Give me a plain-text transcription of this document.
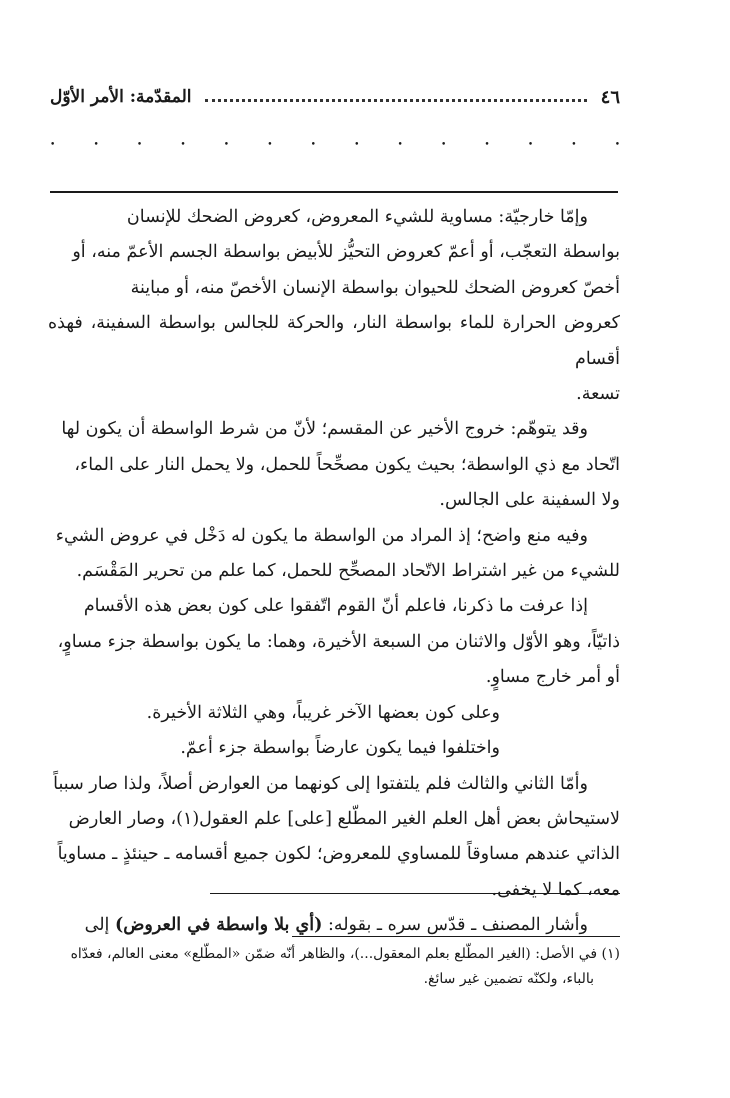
٤٦
المقدّمة: الأمر الأوّل
•	•	•	•	•	•	•	•	•	•	•	•	•	•

وإمّا خارجيّة: مساوية للشيء المعروض، كعروض الضحك للإنسان

بواسطة التعجّب، أو أعمّ كعروض التحيُّز للأبيض بواسطة الجسم الأعمّ منه، أو

أخصّ كعروض الضحك للحيوان بواسطة الإنسان الأخصّ منه، أو مباينة

كعروض الحرارة للماء بواسطة النار، والحركة للجالس بواسطة السفينة، فهذه أقسام

تسعة.

وقد يتوهّم: خروج الأخير عن المقسم؛ لأنّ من شرط الواسطة أن يكون لها

اتّحاد مع ذي الواسطة؛ بحيث يكون مصحِّحاً للحمل، ولا يحمل النار على الماء،

ولا السفينة على الجالس.

وفيه منع واضح؛ إذ المراد من الواسطة ما يكون له دَخْل في عروض الشيء

للشيء من غير اشتراط الاتّحاد المصحِّح للحمل، كما علم من تحرير المَقْسَم.

إذا عرفت ما ذكرنا، فاعلم أنّ القوم اتّفقوا على كون بعض هذه الأقسام

ذاتيّاً، وهو الأوّل والاثنان من السبعة الأخيرة، وهما: ما يكون بواسطة جزء مساوٍ،

أو أمر خارج مساوٍ.

وعلى كون بعضها الآخر غريباً، وهي الثلاثة الأخيرة.

واختلفوا فيما يكون عارضاً بواسطة جزء أعمّ.

وأمّا الثاني والثالث فلم يلتفتوا إلى كونهما من العوارض أصلاً، ولذا صار سبباً

لاستيحاش بعض أهل العلم الغير المطّلع [على] علم العقول(١)، وصار العارض

الذاتي عندهم مساوقاً للمساوي للمعروض؛ لكون جميع أقسامه ـ حينئذٍ ـ مساوياً

معه، كما لا يخفى.

وأشار المصنف ـ قدّس سره ـ بقوله: (أي بلا واسطة في العروض) إلى

(١) في الأصل: (الغير المطّلع بعلم المعقول...)، والظاهر أنّه ضمّن «المطّلع» معنى العالم، فعدّاه

بالباء، ولكنّه تضمين غير سائغ.
